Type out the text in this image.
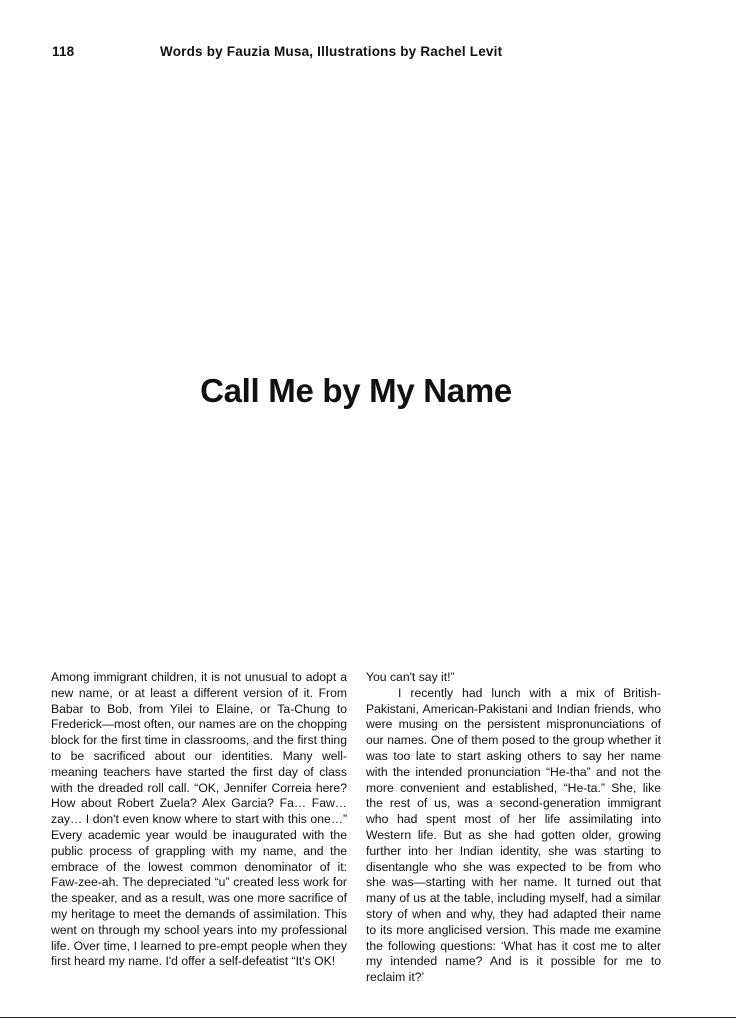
118	Words by Fauzia Musa, Illustrations by Rachel Levit
Call Me by My Name

Among immigrant children, it is not unusual to adopt a new name, or at least a different version of it. From Babar to Bob, from Yilei to Elaine, or Ta-Chung to Frederick—most often, our names are on the chopping block for the first time in classrooms, and the first thing to be sacrificed about our identities. Many well-meaning teachers have started the first day of class with the dreaded roll call. “OK, Jennifer Correia here? How about Robert Zuela? Alex Garcia? Fa… Faw… zay… I don't even know where to start with this one…” Every academic year would be inaugurated with the public process of grappling with my name, and the embrace of the lowest common denominator of it: Faw-zee-ah. The depreciated “u” created less work for the speaker, and as a result, was one more sacrifice of my heritage to meet the demands of assimilation. This went on through my school years into my professional life. Over time, I learned to pre-empt people when they first heard my name. I'd offer a self-defeatist “It's OK!

You can't say it!”

I recently had lunch with a mix of British-Pakistani, American-Pakistani and Indian friends, who were musing on the persistent mispronunciations of our names. One of them posed to the group whether it was too late to start asking others to say her name with the intended pronunciation “He-tha” and not the more convenient and established, “He-ta.” She, like the rest of us, was a second-generation immigrant who had spent most of her life assimilating into Western life. But as she had gotten older, growing further into her Indian identity, she was starting to disentangle who she was expected to be from who she was—starting with her name. It turned out that many of us at the table, including myself, had a similar story of when and why, they had adapted their name to its more anglicised version. This made me examine the following questions: ‘What has it cost me to alter my intended name? And is it possible for me to reclaim it?’
